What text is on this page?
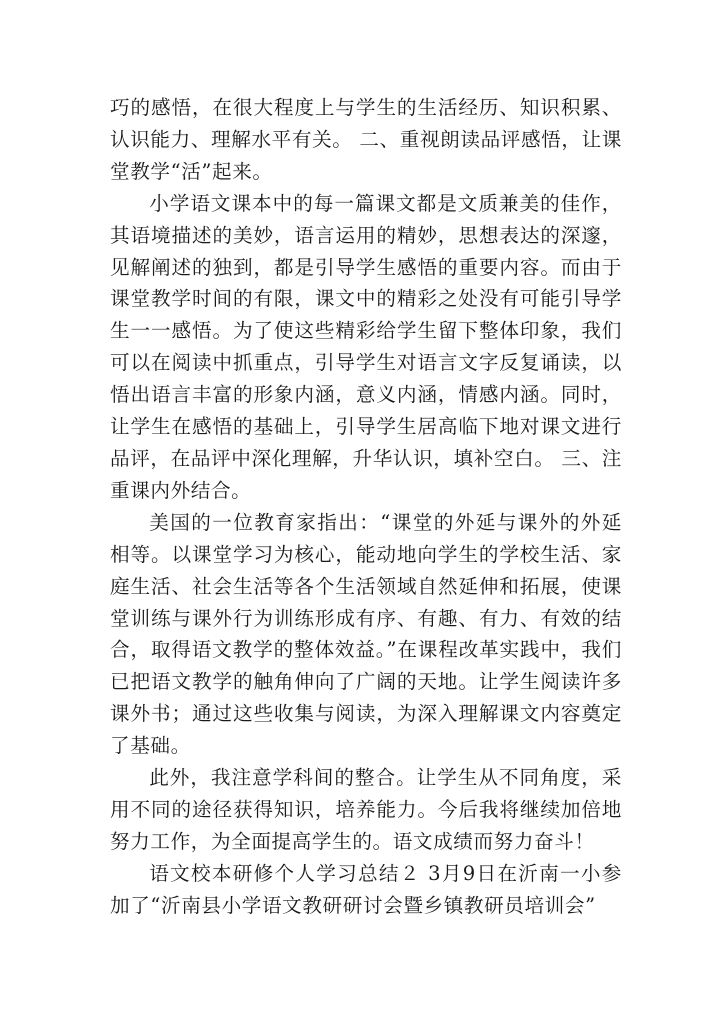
巧的感悟，在很大程度上与学生的生活经历、知识积累、认识能力、理解水平有关。 二、重视朗读品评感悟，让课堂教学“活”起来。

小学语文课本中的每一篇课文都是文质兼美的佳作，其语境描述的美妙，语言运用的精妙，思想表达的深邃，见解阐述的独到，都是引导学生感悟的重要内容。而由于课堂教学时间的有限，课文中的精彩之处没有可能引导学生一一感悟。为了使这些精彩给学生留下整体印象，我们可以在阅读中抓重点，引导学生对语言文字反复诵读，以悟出语言丰富的形象内涵，意义内涵，情感内涵。同时，让学生在感悟的基础上，引导学生居高临下地对课文进行品评，在品评中深化理解，升华认识，填补空白。 三、注重课内外结合。

美国的一位教育家指出：“课堂的外延与课外的外延相等。以课堂学习为核心，能动地向学生的学校生活、家庭生活、社会生活等各个生活领域自然延伸和拓展，使课堂训练与课外行为训练形成有序、有趣、有力、有效的结合，取得语文教学的整体效益。”在课程改革实践中，我们已把语文教学的触角伸向了广阔的天地。让学生阅读许多课外书；通过这些收集与阅读，为深入理解课文内容奠定了基础。

此外，我注意学科间的整合。让学生从不同角度，采用不同的途径获得知识，培养能力。今后我将继续加倍地努力工作，为全面提高学生的。语文成绩而努力奋斗！

语文校本研修个人学习总结２ 3月9日在沂南一小参加了“沂南县小学语文教研研讨会暨乡镇教研员培训会”
